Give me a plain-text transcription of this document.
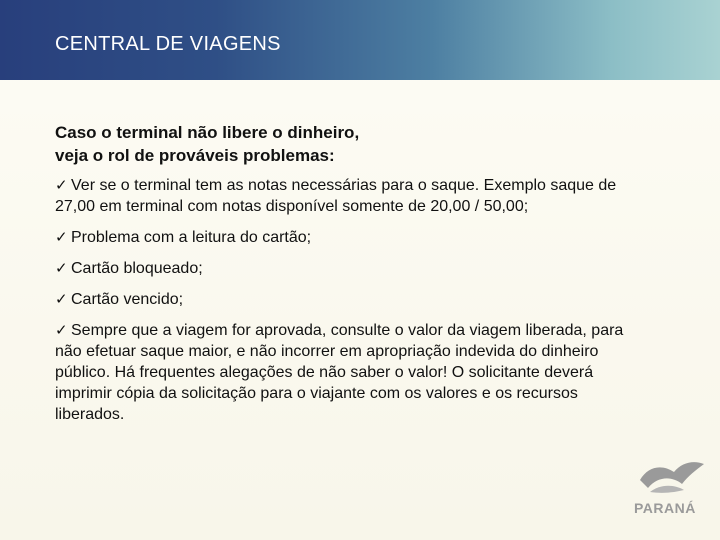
CENTRAL DE VIAGENS
Caso o terminal não libere o dinheiro,
veja o rol de prováveis problemas:
✓ Ver se o terminal tem as notas necessárias para o saque. Exemplo saque de 27,00 em terminal com notas disponível somente de 20,00 / 50,00;
✓ Problema com a leitura do cartão;
✓ Cartão bloqueado;
✓ Cartão vencido;
✓ Sempre que a viagem for aprovada, consulte o valor da viagem liberada, para não efetuar saque maior, e não incorrer em apropriação indevida do dinheiro público. Há frequentes alegações de não saber o valor! O solicitante deverá imprimir cópia da solicitação para o viajante com os valores e os recursos liberados.
PARANÁ
